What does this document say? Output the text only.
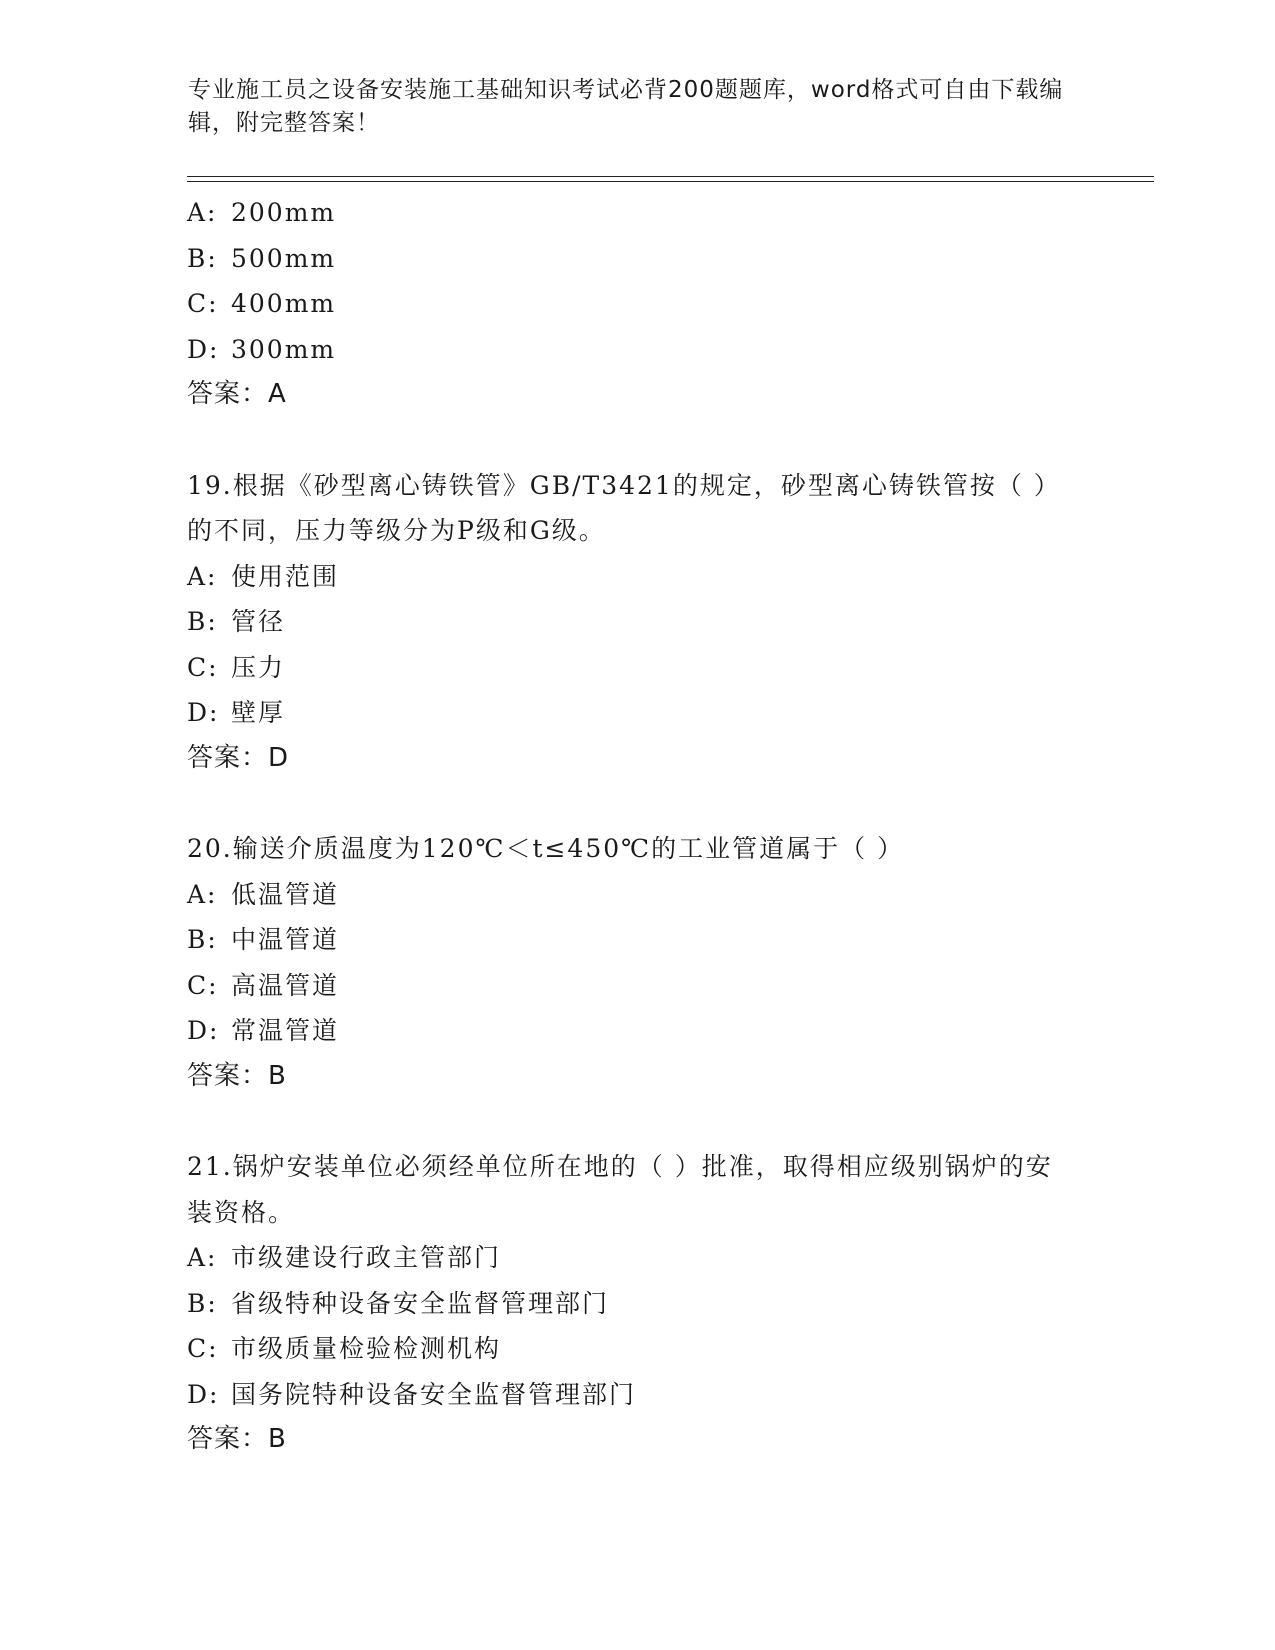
专业施工员之设备安装施工基础知识考试必背200题题库，word格式可自由下载编辑，附完整答案！
A: 200mm
B: 500mm
C: 400mm
D: 300mm
答案：A
19.根据《砂型离心铸铁管》GB/T3421的规定，砂型离心铸铁管按（ ）的不同，压力等级分为P级和G级。
A: 使用范围
B: 管径
C: 压力
D: 壁厚
答案：D
20.输送介质温度为120℃＜t≤450℃的工业管道属于（ ）
A: 低温管道
B: 中温管道
C: 高温管道
D: 常温管道
答案：B
21.锅炉安装单位必须经单位所在地的（ ）批准，取得相应级别锅炉的安装资格。
A: 市级建设行政主管部门
B: 省级特种设备安全监督管理部门
C: 市级质量检验检测机构
D: 国务院特种设备安全监督管理部门
答案：B
